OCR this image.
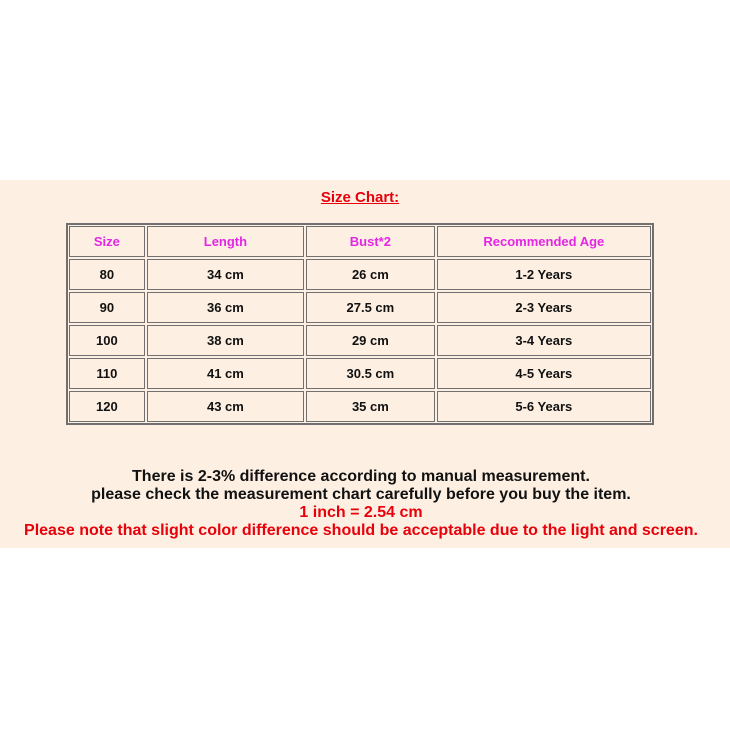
Size Chart:
Size	Length	Bust*2	Recommended Age
80	34 cm	26 cm	1-2 Years
90	36 cm	27.5 cm	2-3 Years
100	38 cm	29 cm	3-4 Years
110	41 cm	30.5 cm	4-5 Years
120	43 cm	35 cm	5-6 Years
There is 2-3% difference according to manual measurement.
please check the measurement chart carefully before you buy the item.
1 inch = 2.54 cm
Please note that slight color difference should be acceptable due to the light and screen.
